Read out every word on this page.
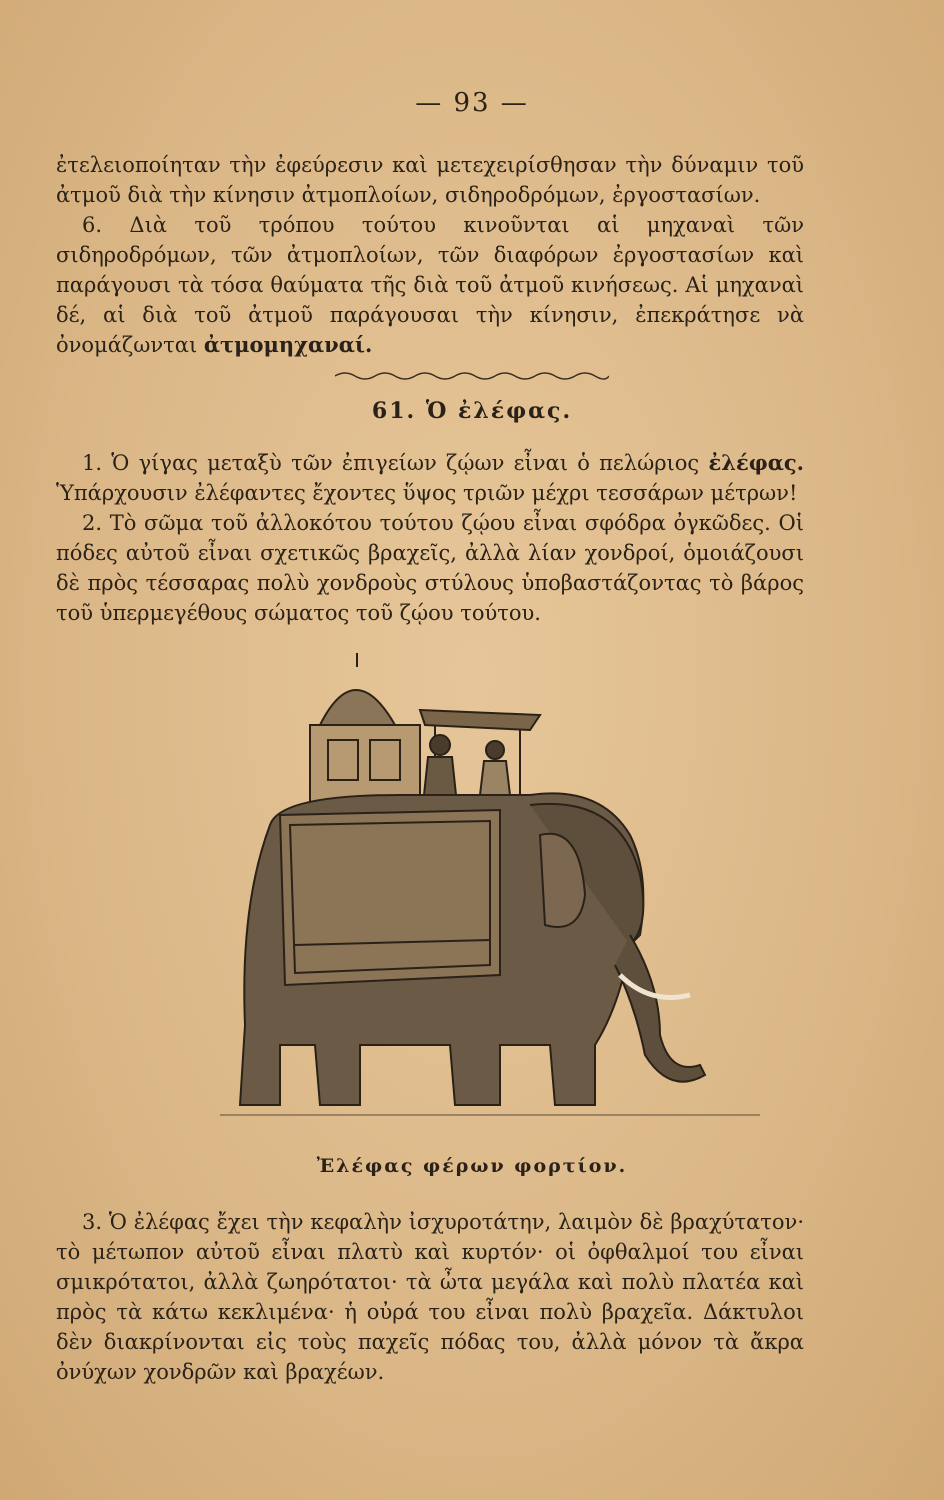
— 93 —

ἐτελειοποίηταν τὴν ἐφεύρεσιν καὶ μετεχειρίσθησαν τὴν δύναμιν τοῦ ἀτμοῦ διὰ τὴν κίνησιν ἀτμοπλοίων, σιδηροδρόμων, ἐργοστασίων.

6. Διὰ τοῦ τρόπου τούτου κινοῦνται αἱ μηχαναὶ τῶν σιδηροδρόμων, τῶν ἀτμοπλοίων, τῶν διαφόρων ἐργοστασίων καὶ παράγουσι τὰ τόσα θαύματα τῆς διὰ τοῦ ἀτμοῦ κινήσεως. Αἱ μηχαναὶ δέ, αἱ διὰ τοῦ ἀτμοῦ παράγουσαι τὴν κίνησιν, ἐπεκράτησε νὰ ὀνομάζωνται ἀτμομηχαναί.

61. Ὁ ἐλέφας.

1. Ὁ γίγας μεταξὺ τῶν ἐπιγείων ζῴων εἶναι ὁ πελώριος ἐλέφας. Ὑπάρχουσιν ἐλέφαντες ἔχοντες ὕψος τριῶν μέχρι τεσσάρων μέτρων!

2. Τὸ σῶμα τοῦ ἀλλοκότου τούτου ζῴου εἶναι σφόδρα ὀγκῶδες. Οἱ πόδες αὐτοῦ εἶναι σχετικῶς βραχεῖς, ἀλλὰ λίαν χονδροί, ὁμοιάζουσι δὲ πρὸς τέσσαρας πολὺ χονδροὺς στύλους ὑποβαστάζοντας τὸ βάρος τοῦ ὑπερμεγέθους σώματος τοῦ ζῴου τούτου.

Ἐλέφας φέρων φορτίον.

3. Ὁ ἐλέφας ἔχει τὴν κεφαλὴν ἰσχυροτάτην, λαιμὸν δὲ βραχύτατον· τὸ μέτωπον αὐτοῦ εἶναι πλατὺ καὶ κυρτόν· οἱ ὀφθαλμοί του εἶναι σμικρότατοι, ἀλλὰ ζωηρότατοι· τὰ ὦτα μεγάλα καὶ πολὺ πλατέα καὶ πρὸς τὰ κάτω κεκλιμένα· ἡ οὐρά του εἶναι πολὺ βραχεῖα. Δάκτυλοι δὲν διακρίνονται εἰς τοὺς παχεῖς πόδας του, ἀλλὰ μόνον τὰ ἄκρα ὀνύχων χονδρῶν καὶ βραχέων.
